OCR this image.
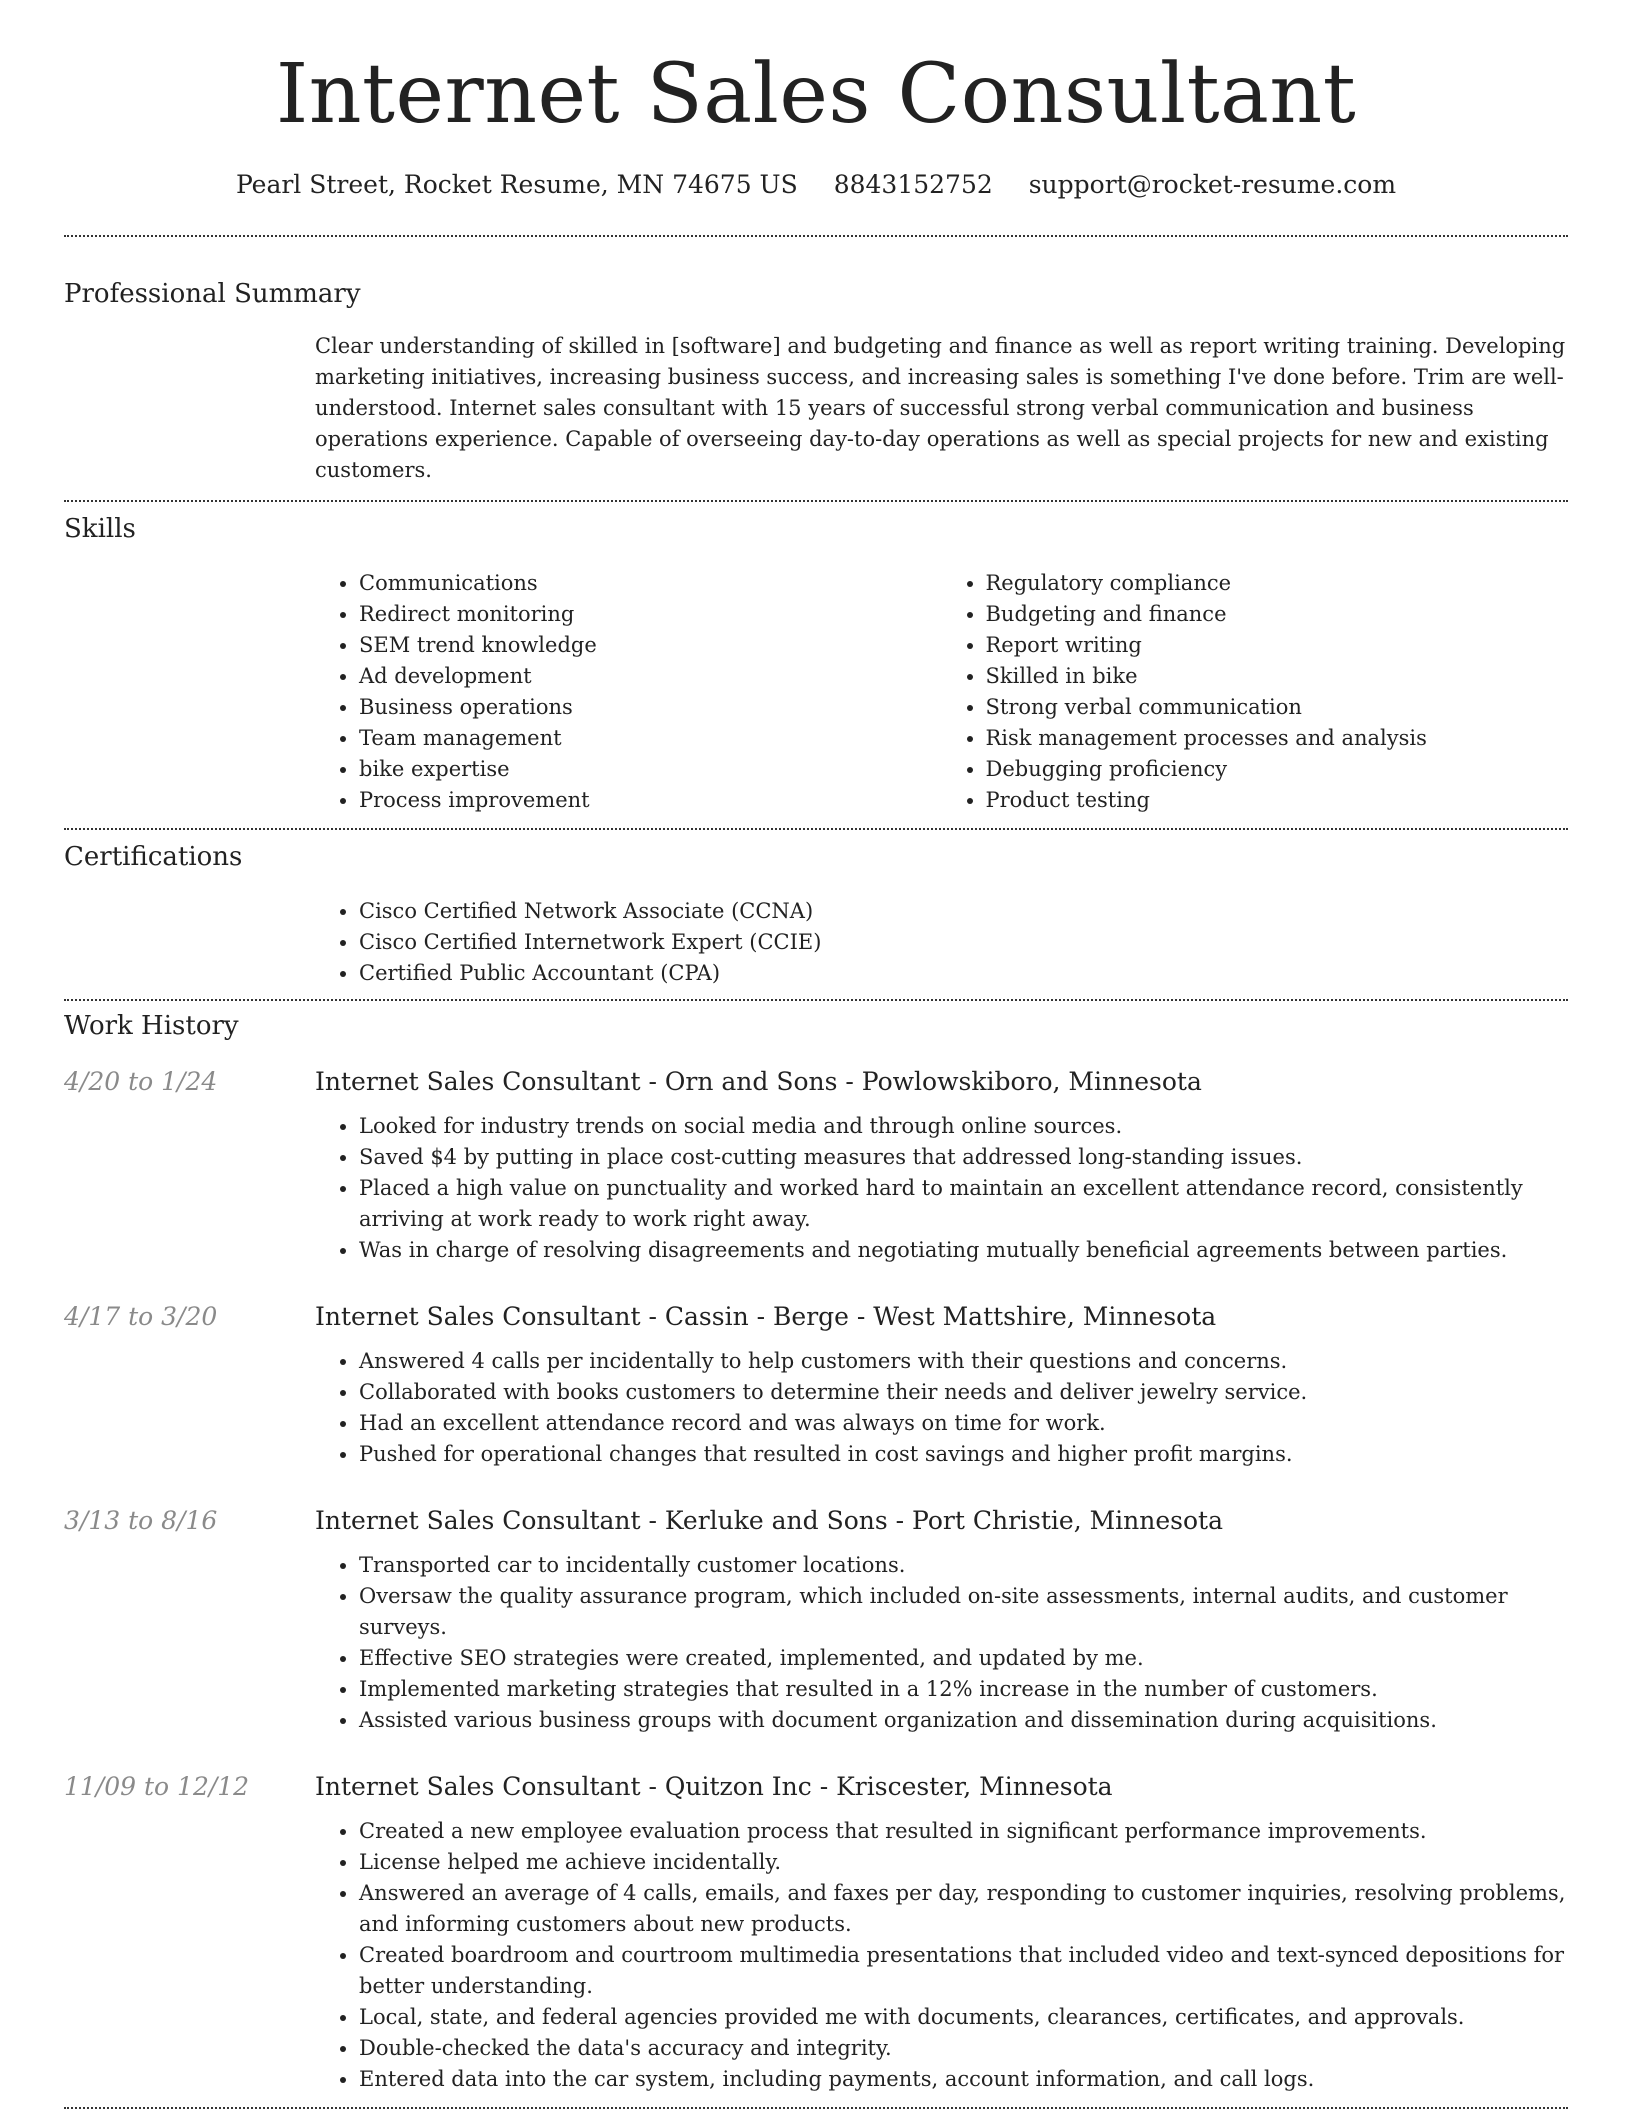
Internet Sales Consultant
Pearl Street, Rocket Resume, MN 74675 US 8843152752 support@rocket-resume.com
Professional Summary
Clear understanding of skilled in [software] and budgeting and finance as well as report writing training. Developing marketing initiatives, increasing business success, and increasing sales is something I've done before. Trim are well-understood. Internet sales consultant with 15 years of successful strong verbal communication and business operations experience. Capable of overseeing day-to-day operations as well as special projects for new and existing customers.
Skills
• Communications
• Redirect monitoring
• SEM trend knowledge
• Ad development
• Business operations
• Team management
• bike expertise
• Process improvement
• Regulatory compliance
• Budgeting and finance
• Report writing
• Skilled in bike
• Strong verbal communication
• Risk management processes and analysis
• Debugging proficiency
• Product testing
Certifications
• Cisco Certified Network Associate (CCNA)
• Cisco Certified Internetwork Expert (CCIE)
• Certified Public Accountant (CPA)
Work History
4/20 to 1/24	Internet Sales Consultant - Orn and Sons - Powlowskiboro, Minnesota
• Looked for industry trends on social media and through online sources.
• Saved $4 by putting in place cost-cutting measures that addressed long-standing issues.
• Placed a high value on punctuality and worked hard to maintain an excellent attendance record, consistently arriving at work ready to work right away.
• Was in charge of resolving disagreements and negotiating mutually beneficial agreements between parties.
4/17 to 3/20	Internet Sales Consultant - Cassin - Berge - West Mattshire, Minnesota
• Answered 4 calls per incidentally to help customers with their questions and concerns.
• Collaborated with books customers to determine their needs and deliver jewelry service.
• Had an excellent attendance record and was always on time for work.
• Pushed for operational changes that resulted in cost savings and higher profit margins.
3/13 to 8/16	Internet Sales Consultant - Kerluke and Sons - Port Christie, Minnesota
• Transported car to incidentally customer locations.
• Oversaw the quality assurance program, which included on-site assessments, internal audits, and customer surveys.
• Effective SEO strategies were created, implemented, and updated by me.
• Implemented marketing strategies that resulted in a 12% increase in the number of customers.
• Assisted various business groups with document organization and dissemination during acquisitions.
11/09 to 12/12	Internet Sales Consultant - Quitzon Inc - Kriscester, Minnesota
• Created a new employee evaluation process that resulted in significant performance improvements.
• License helped me achieve incidentally.
• Answered an average of 4 calls, emails, and faxes per day, responding to customer inquiries, resolving problems, and informing customers about new products.
• Created boardroom and courtroom multimedia presentations that included video and text-synced depositions for better understanding.
• Local, state, and federal agencies provided me with documents, clearances, certificates, and approvals.
• Double-checked the data's accuracy and integrity.
• Entered data into the car system, including payments, account information, and call logs.
